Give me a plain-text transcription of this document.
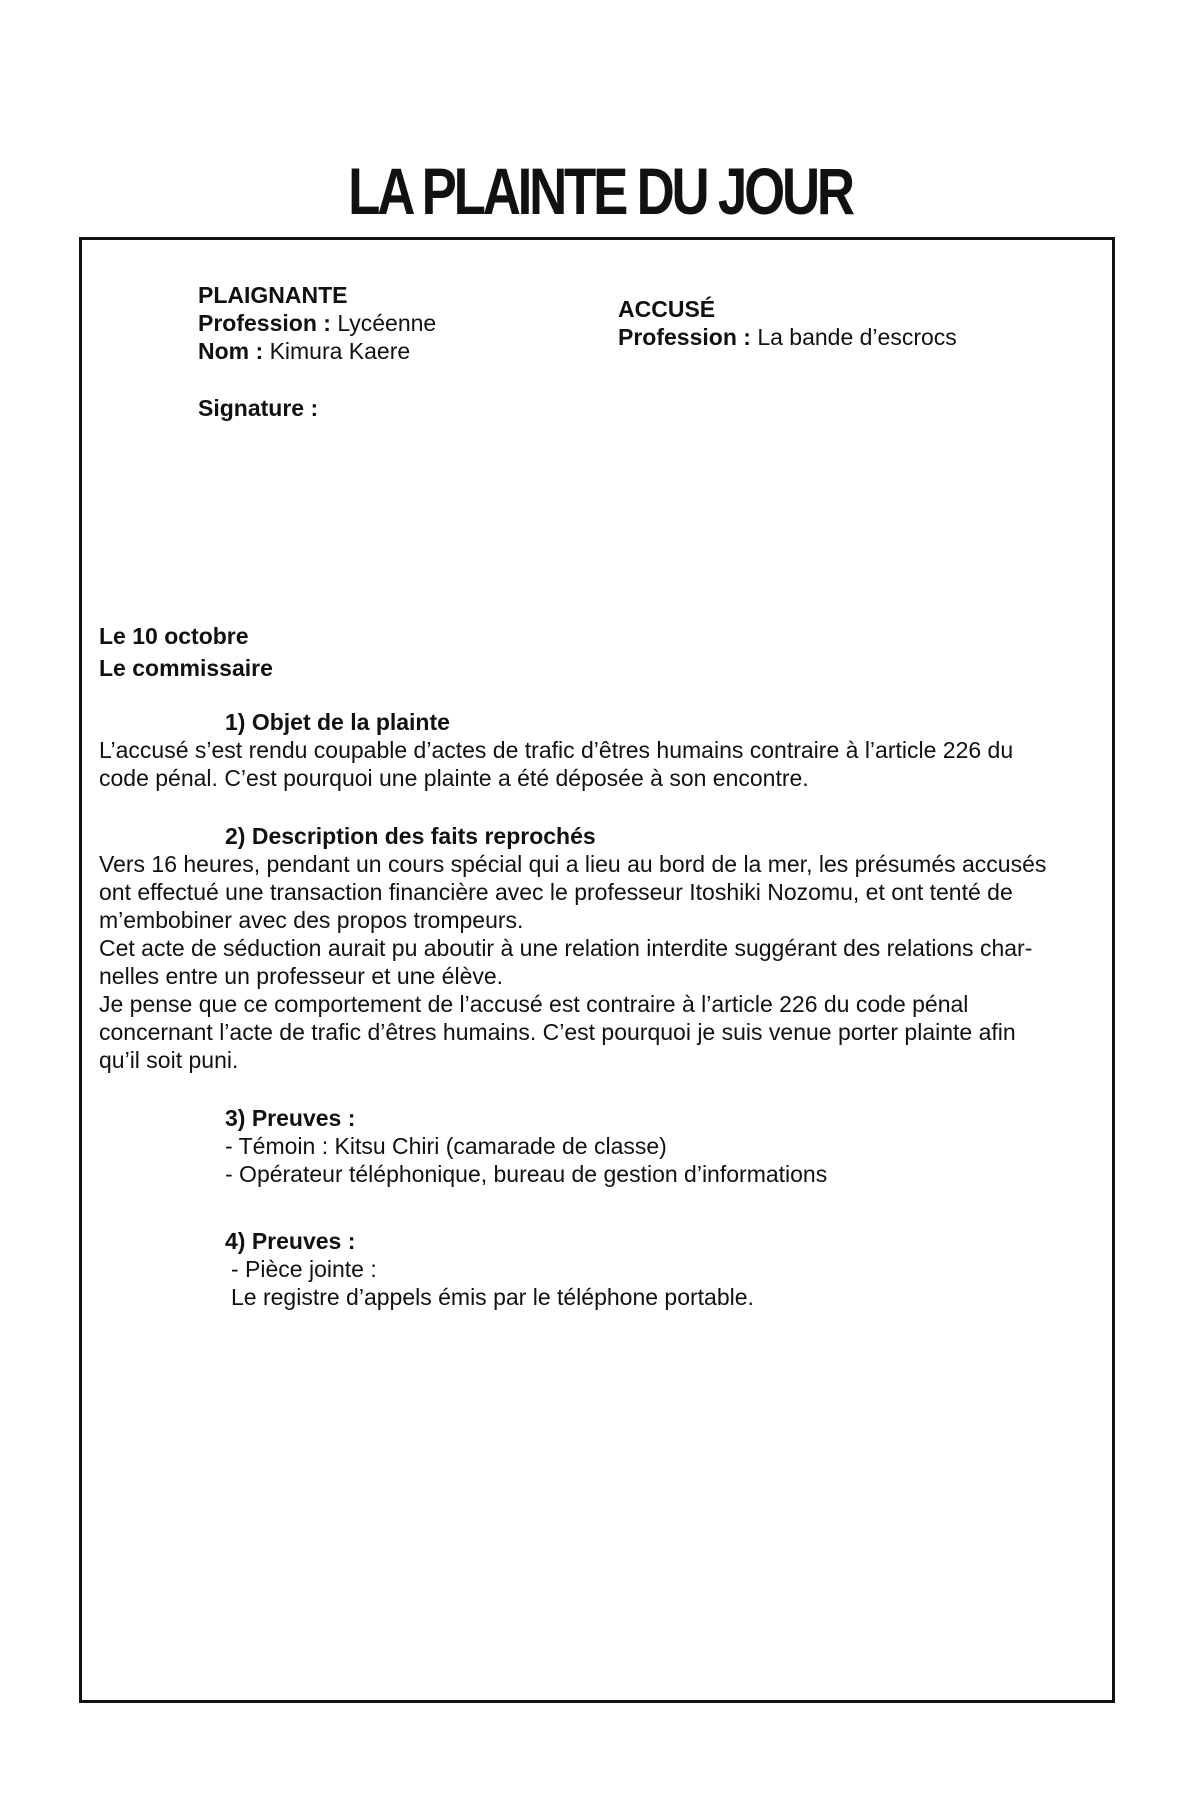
LA PLAINTE DU JOUR
PLAIGNANTE
Profession : Lycéenne
Nom : Kimura Kaere
ACCUSÉ
Profession : La bande d’escrocs
Signature :
Le 10 octobre
Le commissaire
1) Objet de la plainte
L’accusé s’est rendu coupable d’actes de trafic d’êtres humains contraire à l’article 226 du
code pénal. C’est pourquoi une plainte a été déposée à son encontre.
2) Description des faits reprochés
Vers 16 heures, pendant un cours spécial qui a lieu au bord de la mer, les présumés accusés
ont effectué une transaction financière avec le professeur Itoshiki Nozomu, et ont tenté de
m’embobiner avec des propos trompeurs.
Cet acte de séduction aurait pu aboutir à une relation interdite suggérant des relations char-
nelles entre un professeur et une élève.
Je pense que ce comportement de l’accusé est contraire à l’article 226 du code pénal
concernant l’acte de trafic d’êtres humains. C’est pourquoi je suis venue porter plainte afin
qu’il soit puni.
3) Preuves :
- Témoin : Kitsu Chiri (camarade de classe)
- Opérateur téléphonique, bureau de gestion d’informations
4) Preuves :
- Pièce jointe :
Le registre d’appels émis par le téléphone portable.
